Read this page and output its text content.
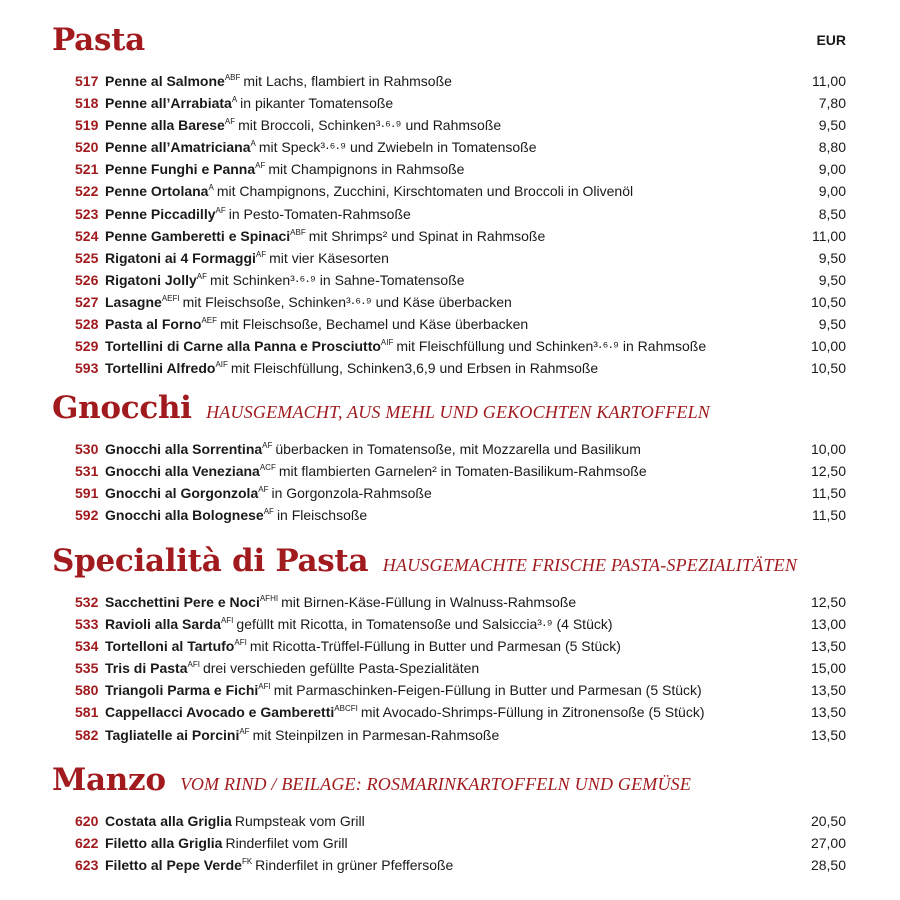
Pasta	EUR
517 Penne al Salmone$^{ABF}$ mit Lachs, flambiert in Rahmsoße	11,00
518 Penne all’Arrabiata$^A$ in pikanter Tomatensoße	7,80
519 Penne alla Barese$^{AF}$ mit Broccoli, Schinken³·⁶·⁹ und Rahmsoße	9,50
520 Penne all’Amatriciana$^A$ mit Speck³·⁶·⁹ und Zwiebeln in Tomatensoße	8,80
521 Penne Funghi e Panna$^{AF}$ mit Champignons in Rahmsoße	9,00
522 Penne Ortolana$^A$ mit Champignons, Zucchini, Kirschtomaten und Broccoli in Olivenöl	9,00
523 Penne Piccadilly$^{AF}$ in Pesto-Tomaten-Rahmsoße	8,50
524 Penne Gamberetti e Spinaci$^{ABF}$ mit Shrimps² und Spinat in Rahmsoße	11,00
525 Rigatoni ai 4 Formaggi$^{AF}$ mit vier Käsesorten	9,50
526 Rigatoni Jolly$^{AF}$ mit Schinken³·⁶·⁹ in Sahne-Tomatensoße	9,50
527 Lasagne$^{AEFI}$ mit Fleischsoße, Schinken³·⁶·⁹ und Käse überbacken	10,50
528 Pasta al Forno$^{AEF}$ mit Fleischsoße, Bechamel und Käse überbacken	9,50
529 Tortellini di Carne alla Panna e Prosciutto$^{AIF}$ mit Fleischfüllung und Schinken³·⁶·⁹ in Rahmsoße	10,00
593 Tortellini Alfredo$^{AIF}$ mit Fleischfüllung, Schinken3,6,9 und Erbsen in Rahmsoße	10,50
Gnocchi HAUSGEMACHT, AUS MEHL UND GEKOCHTEN KARTOFFELN
530 Gnocchi alla Sorrentina$^{AF}$ überbacken in Tomatensoße, mit Mozzarella und Basilikum	10,00
531 Gnocchi alla Veneziana$^{ACF}$ mit flambierten Garnelen² in Tomaten-Basilikum-Rahmsoße	12,50
591 Gnocchi al Gorgonzola$^{AF}$ in Gorgonzola-Rahmsoße	11,50
592 Gnocchi alla Bolognese$^{AF}$ in Fleischsoße	11,50
Specialità di Pasta HAUSGEMACHTE FRISCHE PASTA-SPEZIALITÄTEN
532 Sacchettini Pere e Noci$^{AFHI}$ mit Birnen-Käse-Füllung in Walnuss-Rahmsoße	12,50
533 Ravioli alla Sarda$^{AFI}$ gefüllt mit Ricotta, in Tomatensoße und Salsiccia³·⁹ (4 Stück)	13,00
534 Tortelloni al Tartufo$^{AFI}$ mit Ricotta-Trüffel-Füllung in Butter und Parmesan (5 Stück)	13,50
535 Tris di Pasta$^{AFI}$ drei verschieden gefüllte Pasta-Spezialitäten	15,00
580 Triangoli Parma e Fichi$^{AFI}$ mit Parmaschinken-Feigen-Füllung in Butter und Parmesan (5 Stück)	13,50
581 Cappellacci Avocado e Gamberetti$^{ABCFI}$ mit Avocado-Shrimps-Füllung in Zitronensoße (5 Stück)	13,50
582 Tagliatelle ai Porcini$^{AF}$ mit Steinpilzen in Parmesan-Rahmsoße	13,50
Manzo VOM RIND / BEILAGE: ROSMARINKARTOFFELN UND GEMÜSE
620 Costata alla Griglia Rumpsteak vom Grill	20,50
622 Filetto alla Griglia Rinderfilet vom Grill	27,00
623 Filetto al Pepe Verde$^{FK}$ Rinderfilet in grüner Pfeffersoße	28,50
